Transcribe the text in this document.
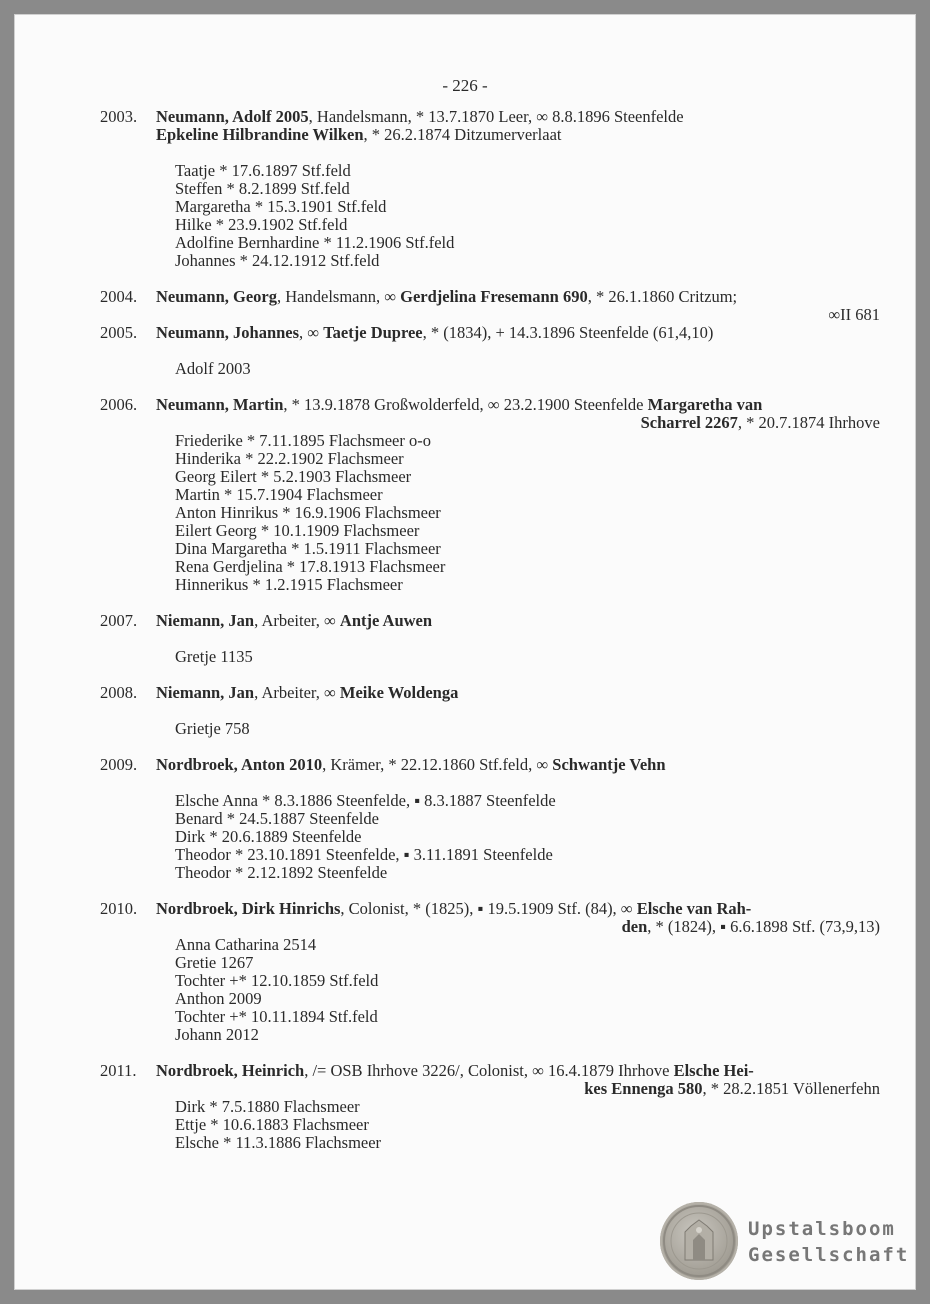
- 226 -
2003.	Neumann, Adolf 2005, Handelsmann, * 13.7.1870 Leer, ∞ 8.8.1896 Steenfelde
Epkeline Hilbrandine Wilken, * 26.2.1874 Ditzumerverlaat
Taatje * 17.6.1897 Stf.feld
Steffen * 8.2.1899 Stf.feld
Margaretha * 15.3.1901 Stf.feld
Hilke * 23.9.1902 Stf.feld
Adolfine Bernhardine * 11.2.1906 Stf.feld
Johannes * 24.12.1912 Stf.feld
2004.	Neumann, Georg, Handelsmann, ∞ Gerdjelina Fresemann 690, * 26.1.1860 Critzum;
∞II 681
2005.	Neumann, Johannes, ∞ Taetje Dupree, * (1834), + 14.3.1896 Steenfelde (61,4,10)
Adolf 2003
2006.	Neumann, Martin, * 13.9.1878 Großwolderfeld, ∞ 23.2.1900 Steenfelde Margaretha van
Scharrel 2267, * 20.7.1874 Ihrhove
Friederike * 7.11.1895 Flachsmeer o-o
Hinderika * 22.2.1902 Flachsmeer
Georg Eilert * 5.2.1903 Flachsmeer
Martin * 15.7.1904 Flachsmeer
Anton Hinrikus * 16.9.1906 Flachsmeer
Eilert Georg * 10.1.1909 Flachsmeer
Dina Margaretha * 1.5.1911 Flachsmeer
Rena Gerdjelina * 17.8.1913 Flachsmeer
Hinnerikus * 1.2.1915 Flachsmeer
2007.	Niemann, Jan, Arbeiter, ∞ Antje Auwen
Gretje 1135
2008.	Niemann, Jan, Arbeiter, ∞ Meike Woldenga
Grietje 758
2009.	Nordbroek, Anton 2010, Krämer, * 22.12.1860 Stf.feld, ∞ Schwantje Vehn
Elsche Anna * 8.3.1886 Steenfelde, ▪ 8.3.1887 Steenfelde
Benard * 24.5.1887 Steenfelde
Dirk * 20.6.1889 Steenfelde
Theodor * 23.10.1891 Steenfelde, ▪ 3.11.1891 Steenfelde
Theodor * 2.12.1892 Steenfelde
2010.	Nordbroek, Dirk Hinrichs, Colonist, * (1825), ▪ 19.5.1909 Stf. (84), ∞ Elsche van Rah-
den, * (1824), ▪ 6.6.1898 Stf. (73,9,13)
Anna Catharina 2514
Gretie 1267
Tochter +* 12.10.1859 Stf.feld
Anthon 2009
Tochter +* 10.11.1894 Stf.feld
Johann 2012
2011.	Nordbroek, Heinrich, /= OSB Ihrhove 3226/, Colonist, ∞ 16.4.1879 Ihrhove Elsche Hei-
kes Ennenga 580, * 28.2.1851 Völlenerfehn
Dirk * 7.5.1880 Flachsmeer
Ettje * 10.6.1883 Flachsmeer
Elsche * 11.3.1886 Flachsmeer
Upstalsboom
Gesellschaft
